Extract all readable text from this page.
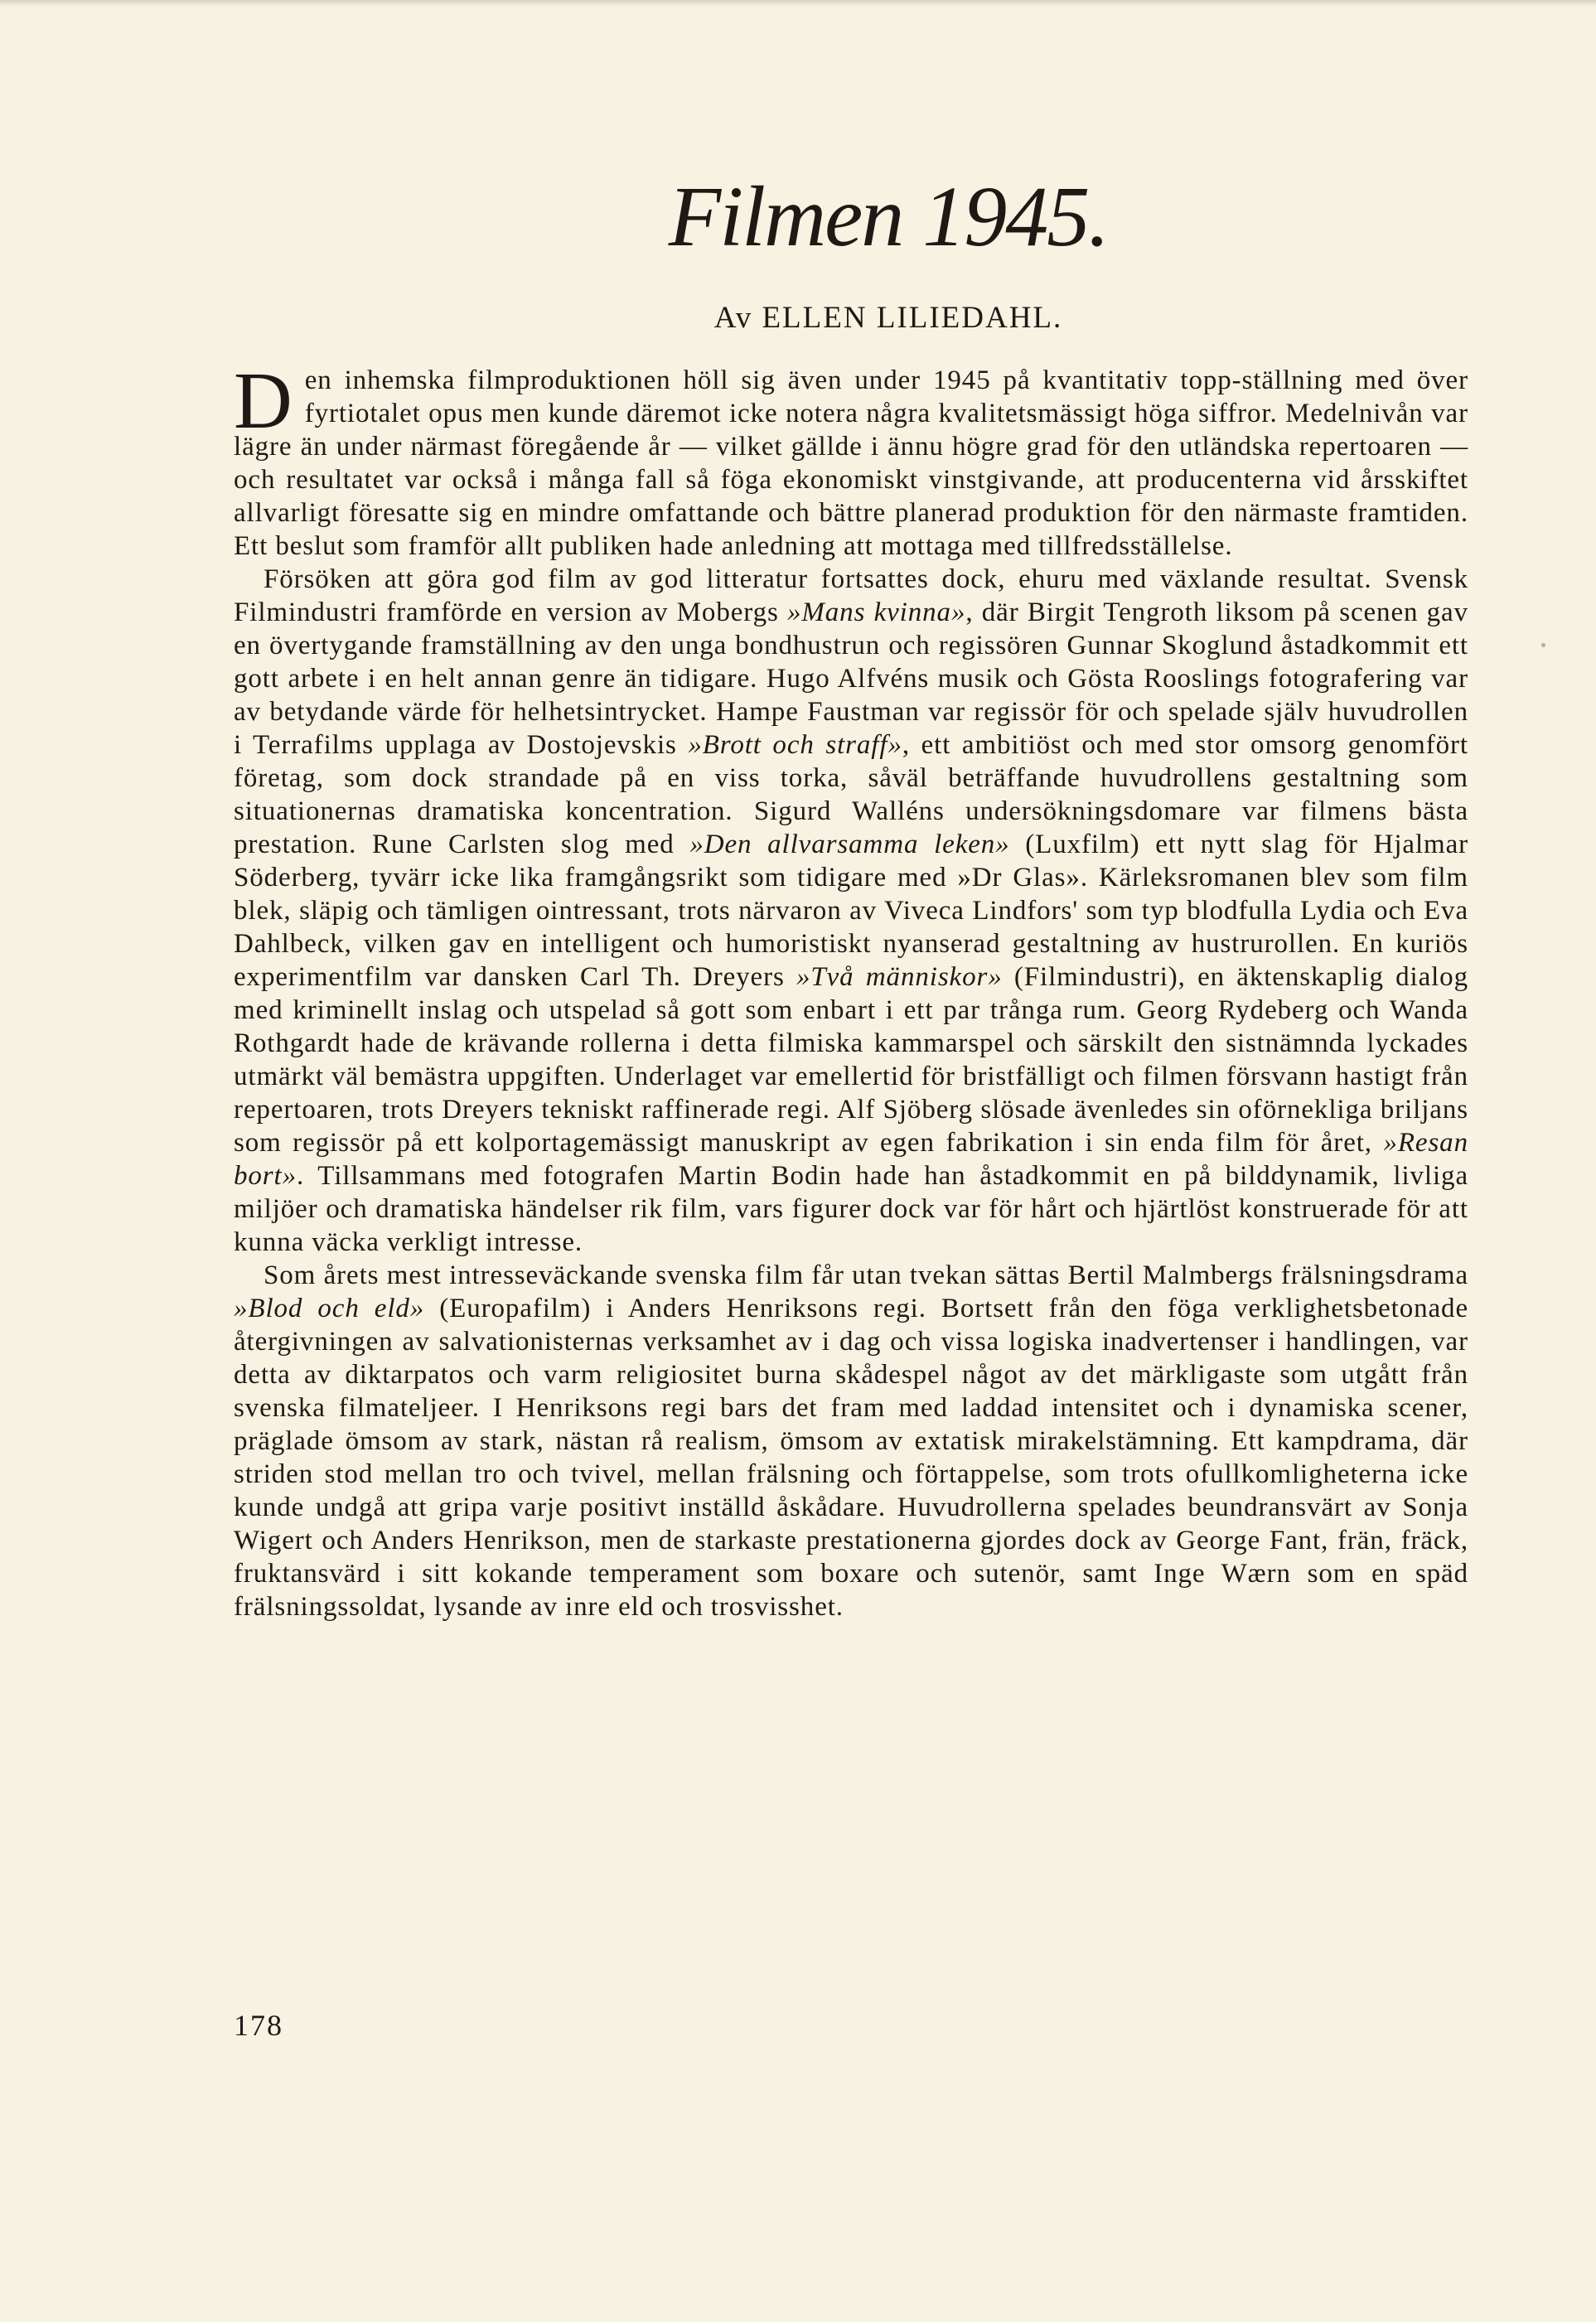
Filmen 1945.
Av ELLEN LILIEDAHL.

Den inhemska filmproduktionen höll sig även under 1945 på kvantitativ topp-ställning med över fyrtiotalet opus men kunde däremot icke notera några kvalitetsmässigt höga siffror. Medelnivån var lägre än under närmast föregående år — vilket gällde i ännu högre grad för den utländska repertoaren — och resultatet var också i många fall så föga ekonomiskt vinstgivande, att producenterna vid årsskiftet allvarligt föresatte sig en mindre omfattande och bättre planerad produktion för den närmaste framtiden. Ett beslut som framför allt publiken hade anledning att mottaga med tillfredsställelse.

Försöken att göra god film av god litteratur fortsattes dock, ehuru med växlande resultat. Svensk Filmindustri framförde en version av Mobergs »Mans kvinna», där Birgit Tengroth liksom på scenen gav en övertygande framställning av den unga bondhustrun och regissören Gunnar Skoglund åstadkommit ett gott arbete i en helt annan genre än tidigare. Hugo Alfvéns musik och Gösta Rooslings fotografering var av betydande värde för helhetsintrycket. Hampe Faustman var regissör för och spelade själv huvudrollen i Terrafilms upplaga av Dostojevskis »Brott och straff», ett ambitiöst och med stor omsorg genomfört företag, som dock strandade på en viss torka, såväl beträffande huvudrollens gestaltning som situationernas dramatiska koncentration. Sigurd Walléns undersökningsdomare var filmens bästa prestation. Rune Carlsten slog med »Den allvarsamma leken» (Luxfilm) ett nytt slag för Hjalmar Söderberg, tyvärr icke lika framgångsrikt som tidigare med »Dr Glas». Kärleksromanen blev som film blek, släpig och tämligen ointressant, trots närvaron av Viveca Lindfors' som typ blodfulla Lydia och Eva Dahlbeck, vilken gav en intelligent och humoristiskt nyanserad gestaltning av hustrurollen. En kuriös experimentfilm var dansken Carl Th. Dreyers »Två människor» (Filmindustri), en äktenskaplig dialog med kriminellt inslag och utspelad så gott som enbart i ett par trånga rum. Georg Rydeberg och Wanda Rothgardt hade de krävande rollerna i detta filmiska kammarspel och särskilt den sistnämnda lyckades utmärkt väl bemästra uppgiften. Underlaget var emellertid för bristfälligt och filmen försvann hastigt från repertoaren, trots Dreyers tekniskt raffinerade regi. Alf Sjöberg slösade ävenledes sin oförnekliga briljans som regissör på ett kolportagemässigt manuskript av egen fabrikation i sin enda film för året, »Resan bort». Tillsammans med fotografen Martin Bodin hade han åstadkommit en på bilddynamik, livliga miljöer och dramatiska händelser rik film, vars figurer dock var för hårt och hjärtlöst konstruerade för att kunna väcka verkligt intresse.

Som årets mest intresseväckande svenska film får utan tvekan sättas Bertil Malmbergs frälsningsdrama »Blod och eld» (Europafilm) i Anders Henriksons regi. Bortsett från den föga verklighetsbetonade återgivningen av salvationisternas verksamhet av i dag och vissa logiska inadvertenser i handlingen, var detta av diktarpatos och varm religiositet burna skådespel något av det märkligaste som utgått från svenska filmateljeer. I Henriksons regi bars det fram med laddad intensitet och i dynamiska scener, präglade ömsom av stark, nästan rå realism, ömsom av extatisk mirakelstämning. Ett kampdrama, där striden stod mellan tro och tvivel, mellan frälsning och förtappelse, som trots ofullkomligheterna icke kunde undgå att gripa varje positivt inställd åskådare. Huvudrollerna spelades beundransvärt av Sonja Wigert och Anders Henrikson, men de starkaste prestationerna gjordes dock av George Fant, frän, fräck, fruktansvärd i sitt kokande temperament som boxare och sutenör, samt Inge Wærn som en späd frälsningssoldat, lysande av inre eld och trosvisshet.

178
